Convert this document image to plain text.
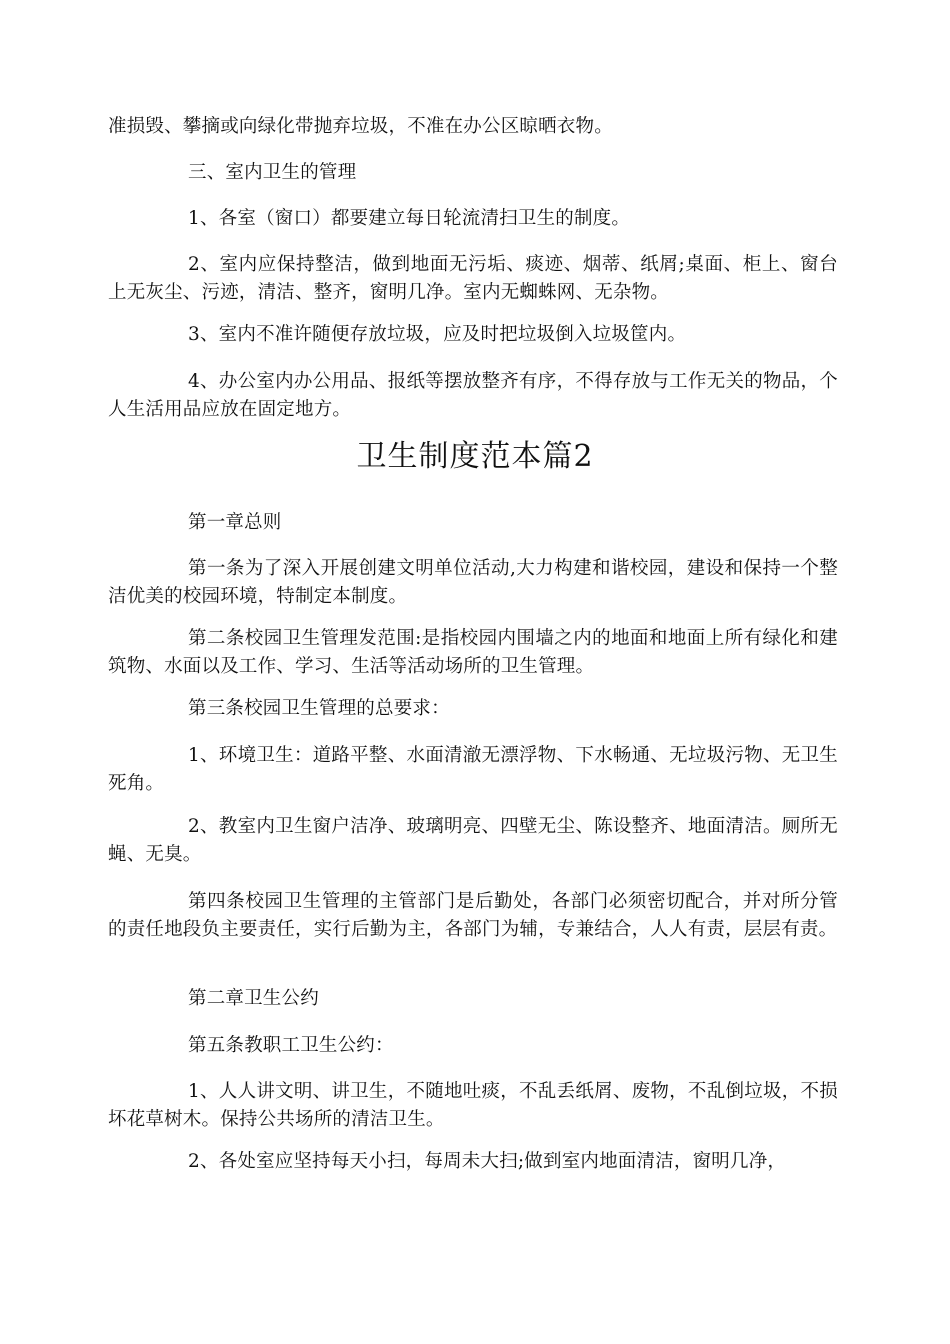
准损毁、攀摘或向绿化带抛弃垃圾，不准在办公区晾晒衣物。

三、室内卫生的管理

1、各室（窗口）都要建立每日轮流清扫卫生的制度。

2、室内应保持整洁，做到地面无污垢、痰迹、烟蒂、纸屑;桌面、柜上、窗台上无灰尘、污迹，清洁、整齐，窗明几净。室内无蜘蛛网、无杂物。

3、室内不准许随便存放垃圾，应及时把垃圾倒入垃圾筐内。

4、办公室内办公用品、报纸等摆放整齐有序，不得存放与工作无关的物品，个人生活用品应放在固定地方。

卫生制度范本篇2

第一章总则

第一条为了深入开展创建文明单位活动,大力构建和谐校园，建设和保持一个整洁优美的校园环境，特制定本制度。

第二条校园卫生管理发范围:是指校园内围墙之内的地面和地面上所有绿化和建筑物、水面以及工作、学习、生活等活动场所的卫生管理。

第三条校园卫生管理的总要求：

1、环境卫生：道路平整、水面清澈无漂浮物、下水畅通、无垃圾污物、无卫生死角。

2、教室内卫生窗户洁净、玻璃明亮、四壁无尘、陈设整齐、地面清洁。厕所无蝇、无臭。

第四条校园卫生管理的主管部门是后勤处，各部门必须密切配合，并对所分管的责任地段负主要责任，实行后勤为主，各部门为辅，专兼结合，人人有责，层层有责。

第二章卫生公约

第五条教职工卫生公约：

1、人人讲文明、讲卫生，不随地吐痰，不乱丢纸屑、废物，不乱倒垃圾，不损坏花草树木。保持公共场所的清洁卫生。

2、各处室应坚持每天小扫，每周未大扫;做到室内地面清洁，窗明几净，
